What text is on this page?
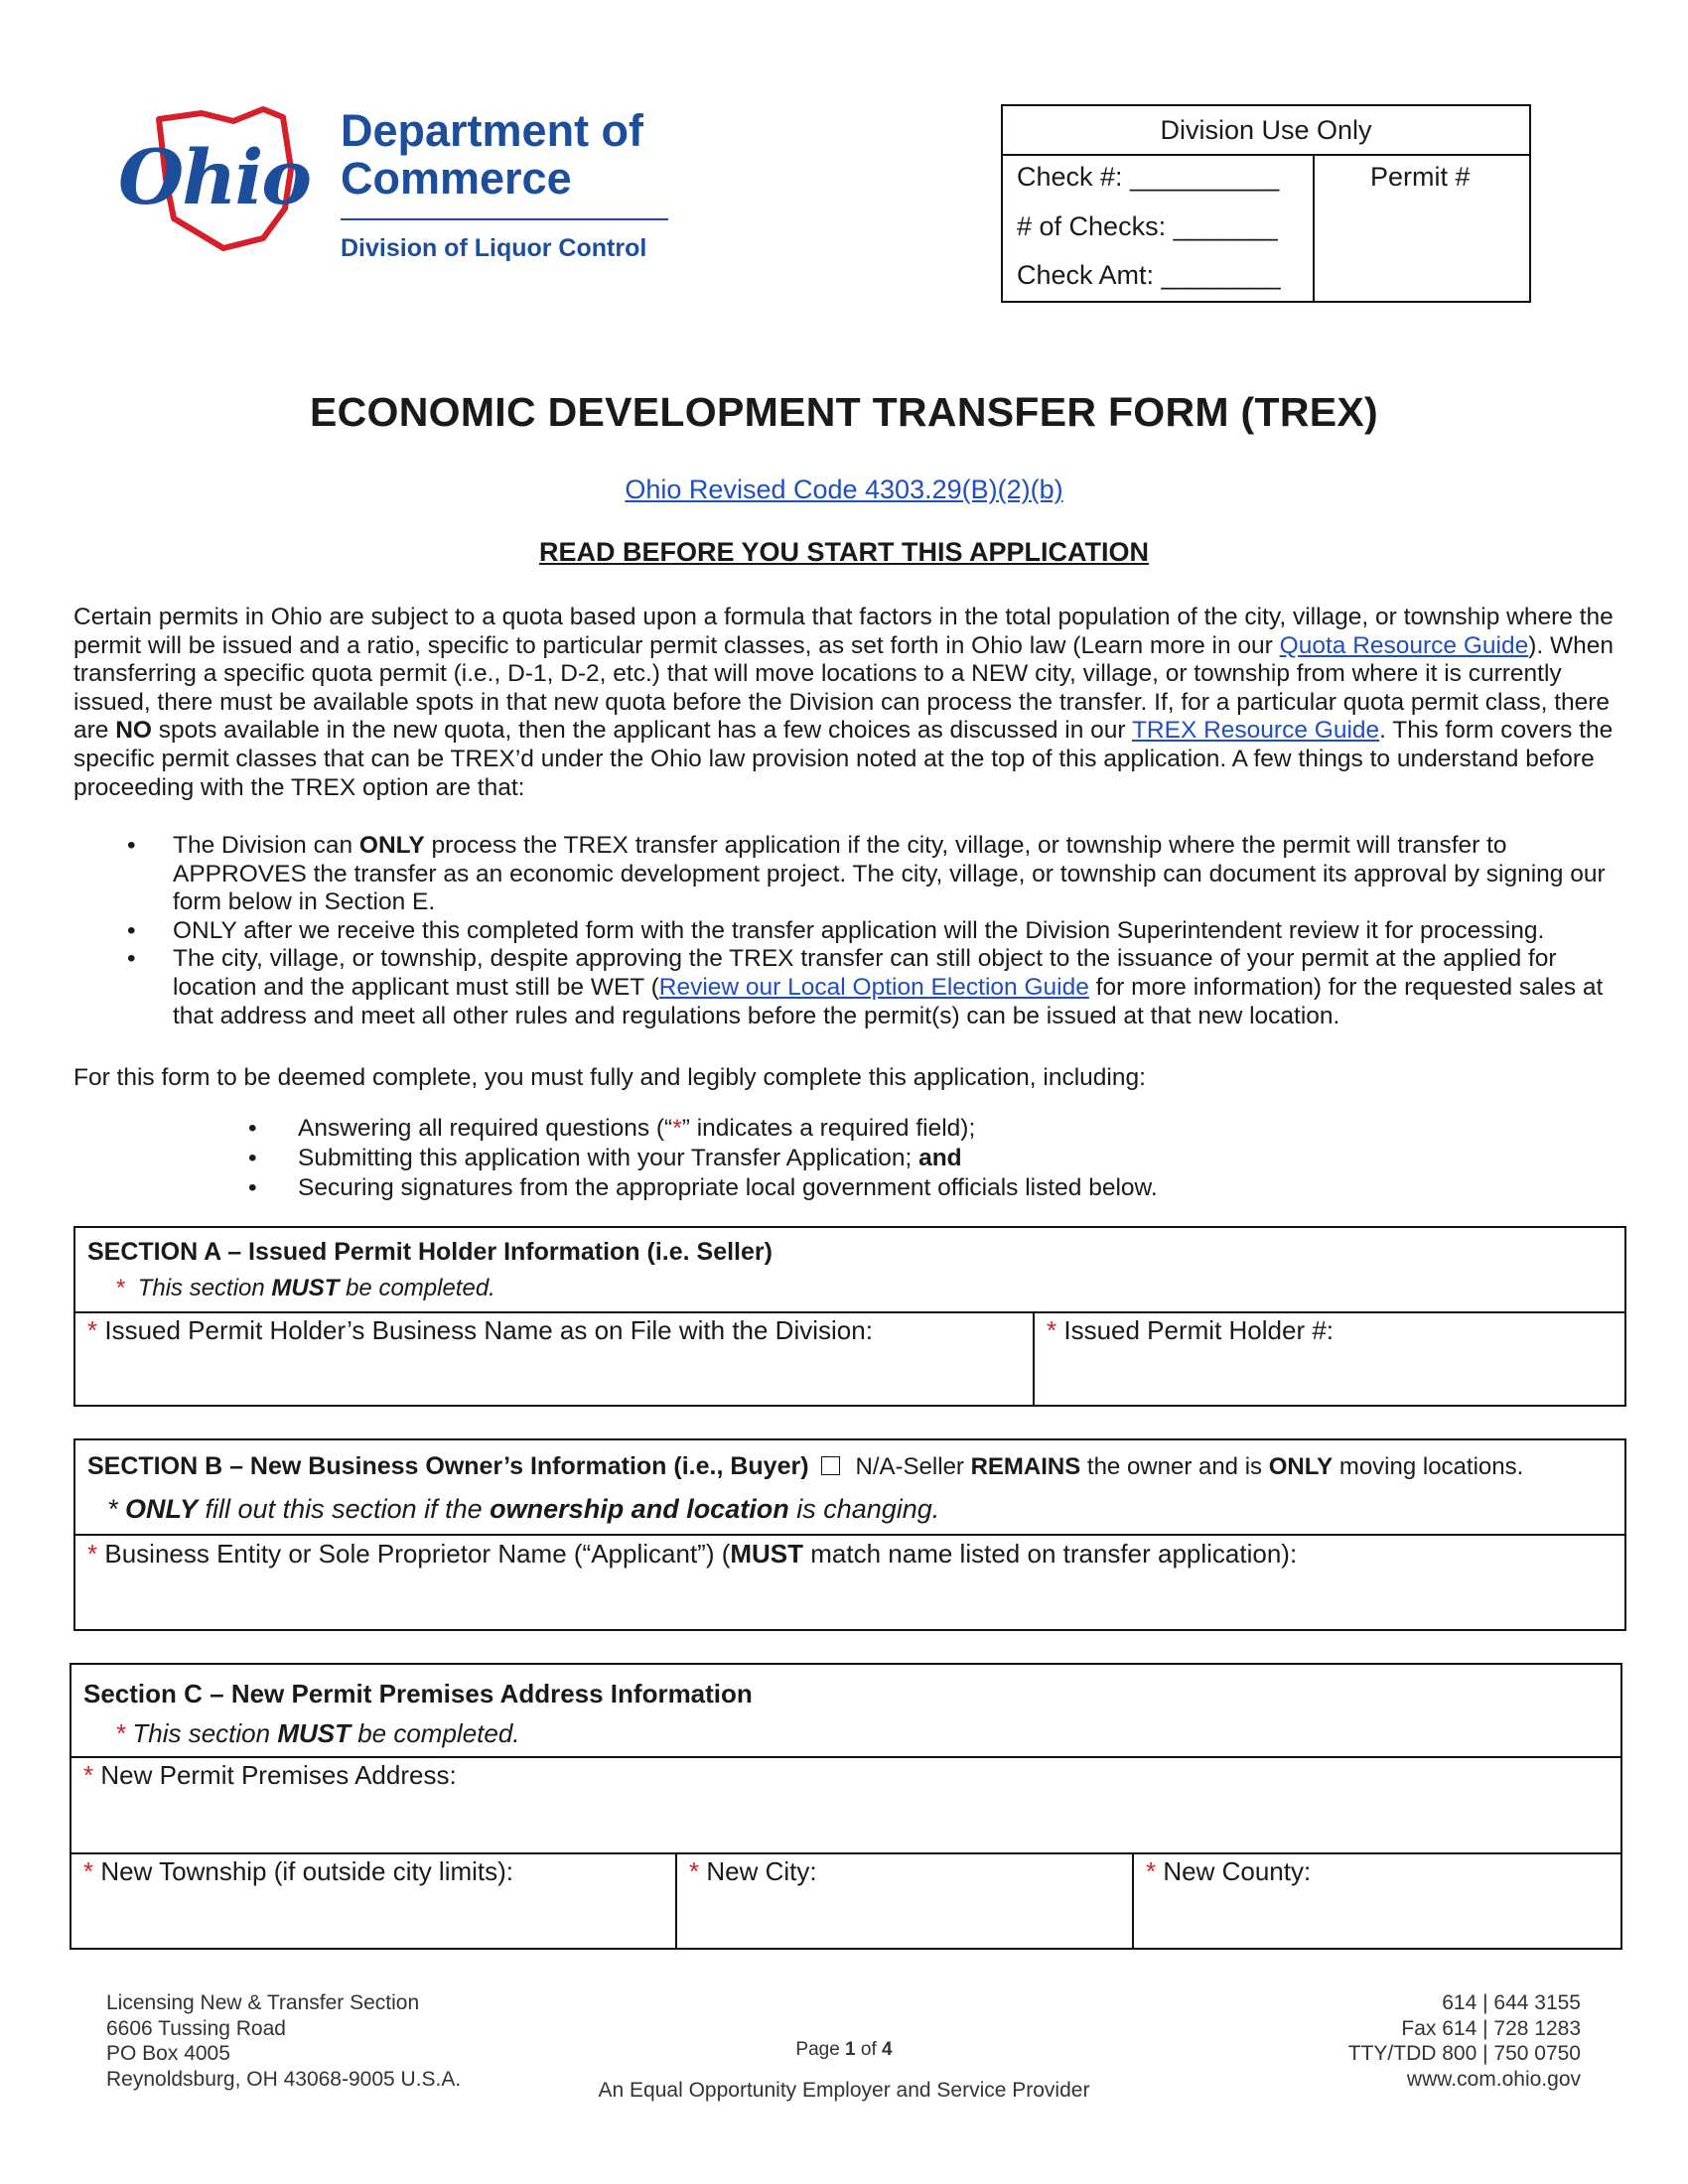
Ohio
Department of
Commerce
Division of Liquor Control
Division Use Only
Check #: __________
# of Checks: _______
Check Amt: ________
Permit #
ECONOMIC DEVELOPMENT TRANSFER FORM (TREX)
Ohio Revised Code 4303.29(B)(2)(b)
READ BEFORE YOU START THIS APPLICATION
Certain permits in Ohio are subject to a quota based upon a formula that factors in the total population of the city, village, or township where the permit will be issued and a ratio, specific to particular permit classes, as set forth in Ohio law (Learn more in our Quota Resource Guide). When transferring a specific quota permit (i.e., D-1, D-2, etc.) that will move locations to a NEW city, village, or township from where it is currently issued, there must be available spots in that new quota before the Division can process the transfer. If, for a particular quota permit class, there are NO spots available in the new quota, then the applicant has a few choices as discussed in our TREX Resource Guide. This form covers the specific permit classes that can be TREX’d under the Ohio law provision noted at the top of this application. A few things to understand before proceeding with the TREX option are that:
• The Division can ONLY process the TREX transfer application if the city, village, or township where the permit will transfer to APPROVES the transfer as an economic development project. The city, village, or township can document its approval by signing our form below in Section E.
• ONLY after we receive this completed form with the transfer application will the Division Superintendent review it for processing.
• The city, village, or township, despite approving the TREX transfer can still object to the issuance of your permit at the applied for location and the applicant must still be WET (Review our Local Option Election Guide for more information) for the requested sales at that address and meet all other rules and regulations before the permit(s) can be issued at that new location.
For this form to be deemed complete, you must fully and legibly complete this application, including:
• Answering all required questions (“*” indicates a required field);
• Submitting this application with your Transfer Application; and
• Securing signatures from the appropriate local government officials listed below.
SECTION A – Issued Permit Holder Information (i.e. Seller)
* This section MUST be completed.
* Issued Permit Holder’s Business Name as on File with the Division:	* Issued Permit Holder #:
SECTION B – New Business Owner’s Information (i.e., Buyer) N/A-Seller REMAINS the owner and is ONLY moving locations.
* ONLY fill out this section if the ownership and location is changing.
* Business Entity or Sole Proprietor Name (“Applicant”) (MUST match name listed on transfer application):
Section C – New Permit Premises Address Information
* This section MUST be completed.
* New Permit Premises Address:
* New Township (if outside city limits):	* New City:	* New County:
Licensing New & Transfer Section
6606 Tussing Road
PO Box 4005
Reynoldsburg, OH 43068-9005 U.S.A.
Page 1 of 4
An Equal Opportunity Employer and Service Provider
614 | 644 3155
Fax 614 | 728 1283
TTY/TDD 800 | 750 0750
www.com.ohio.gov
